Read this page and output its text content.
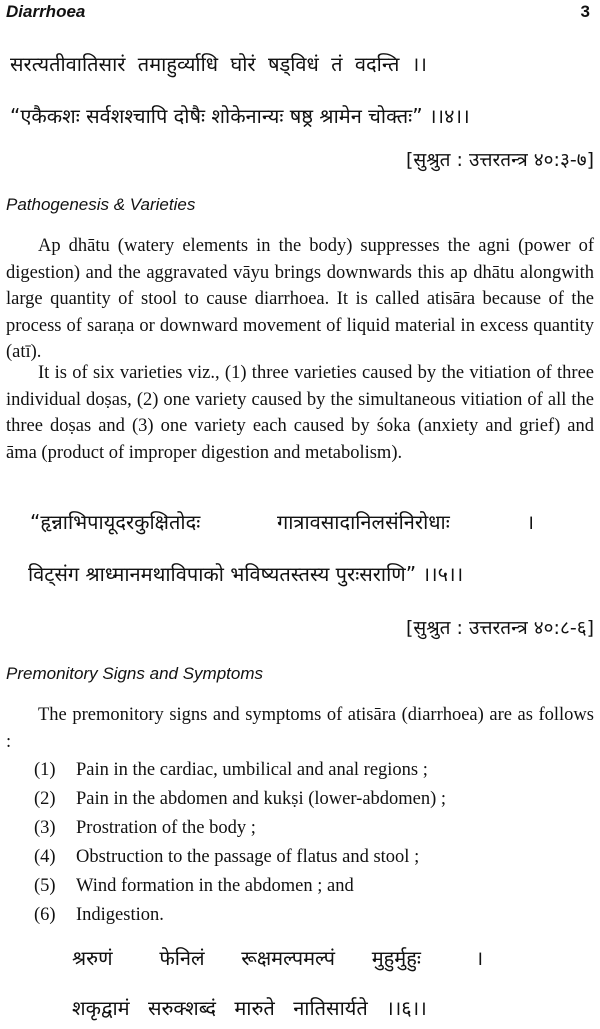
Diarrhoea	3
सरत्यतीवातिसारं तमाहुर्व्याधि घोरं षड्विधं तं वदन्ति ।।
“एकैकशः सर्वशश्चापि दोषैः शोकेनान्यः षष्ठ्र श्रामेन चोक्तः” ।।४।।
[सुश्रुत : उत्तरतन्त्र ४०:३-७]
Pathogenesis & Varieties

Ap dhātu (watery elements in the body) suppresses the agni (power of digestion) and the aggravated vāyu brings downwards this ap dhātu alongwith large quantity of stool to cause diarrhoea. It is called atisāra because of the process of saraṇa or downward movement of liquid material in excess quantity (atī).

It is of six varieties viz., (1) three varieties caused by the vitiation of three individual doṣas, (2) one variety caused by the simultaneous vitiation of all the three doṣas and (3) one variety each caused by śoka (anxiety and grief) and āma (product of improper digestion and metabolism).

“हृन्नाभिपायूदरकुक्षितोदः	गात्रावसादानिलसंनिरोधाः	।
विट्संग श्राध्मानमथाविपाको भविष्यतस्तस्य पुरःसराणि” ।।५।।
[सुश्रुत : उत्तरतन्त्र ४०:८-६]
Premonitory Signs and Symptoms

The premonitory signs and symptoms of atisāra (diarrhoea) are as follows :

(1)	Pain in the cardiac, umbilical and anal regions ;
(2)	Pain in the abdomen and kukṣi (lower-abdomen) ;
(3)	Prostration of the body ;
(4)	Obstruction to the passage of flatus and stool ;
(5)	Wind formation in the abdomen ; and
(6)	Indigestion.
श्ररुणं फेनिलं रूक्षमल्पमल्पं मुहुर्मुहुः	।
शकृद्वामं सरुक्शब्दं मारुते नातिसार्यते ।।६।।
